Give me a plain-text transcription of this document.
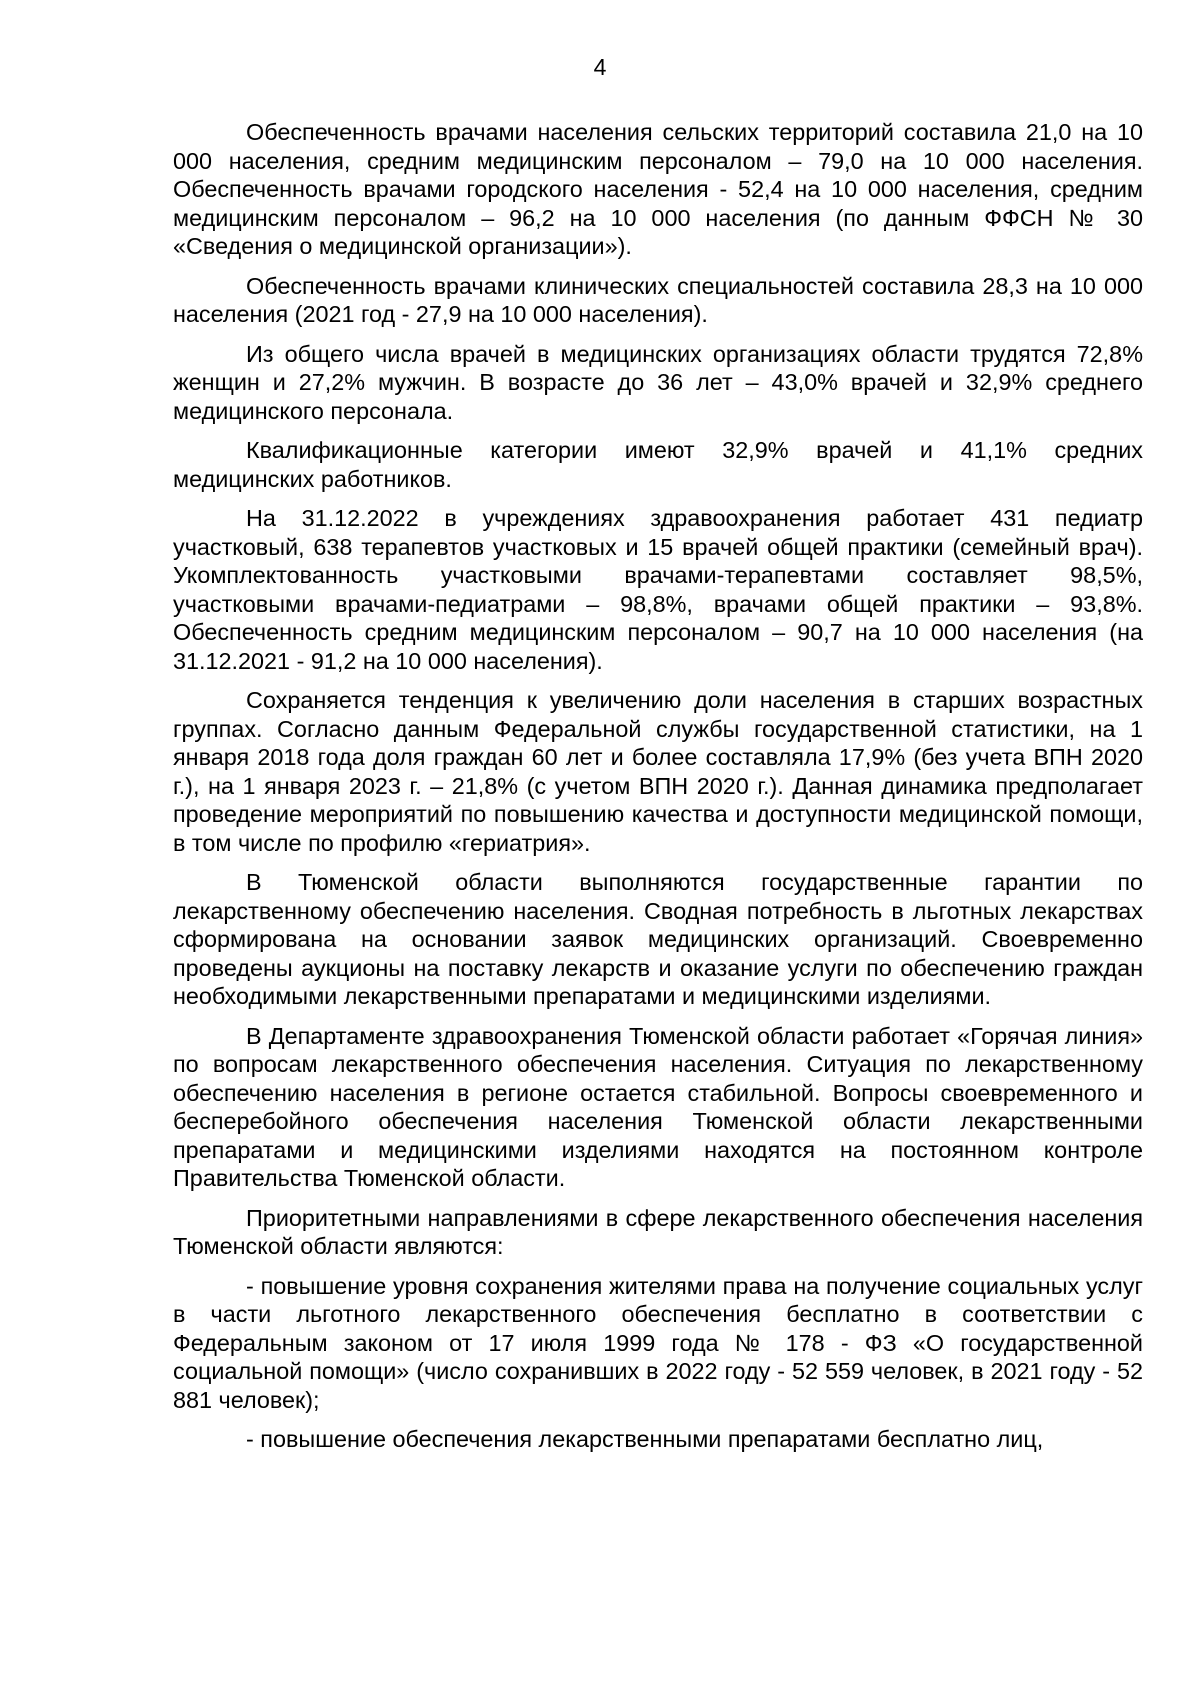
4

Обеспеченность врачами населения сельских территорий составила 21,0 на 10 000 населения, средним медицинским персоналом – 79,0 на 10 000 населения. Обеспеченность врачами городского населения - 52,4 на 10 000 населения, средним медицинским персоналом – 96,2 на 10 000 населения (по данным ФФСН № 30 «Сведения о медицинской организации»).

Обеспеченность врачами клинических специальностей составила 28,3 на 10 000 населения (2021 год - 27,9 на 10 000 населения).

Из общего числа врачей в медицинских организациях области трудятся 72,8% женщин и 27,2% мужчин. В возрасте до 36 лет – 43,0% врачей и 32,9% среднего медицинского персонала.

Квалификационные категории имеют 32,9% врачей и 41,1% средних медицинских работников.

На 31.12.2022 в учреждениях здравоохранения работает 431 педиатр участковый, 638 терапевтов участковых и 15 врачей общей практики (семейный врач). Укомплектованность участковыми врачами-терапевтами составляет 98,5%, участковыми врачами-педиатрами – 98,8%, врачами общей практики – 93,8%. Обеспеченность средним медицинским персоналом – 90,7 на 10 000 населения (на 31.12.2021 - 91,2 на 10 000 населения).

Сохраняется тенденция к увеличению доли населения в старших возрастных группах. Согласно данным Федеральной службы государственной статистики, на 1 января 2018 года доля граждан 60 лет и более составляла 17,9% (без учета ВПН 2020 г.), на 1 января 2023 г. – 21,8% (с учетом ВПН 2020 г.). Данная динамика предполагает проведение мероприятий по повышению качества и доступности медицинской помощи, в том числе по профилю «гериатрия».

В Тюменской области выполняются государственные гарантии по лекарственному обеспечению населения. Сводная потребность в льготных лекарствах сформирована на основании заявок медицинских организаций. Своевременно проведены аукционы на поставку лекарств и оказание услуги по обеспечению граждан необходимыми лекарственными препаратами и медицинскими изделиями.

В Департаменте здравоохранения Тюменской области работает «Горячая линия» по вопросам лекарственного обеспечения населения. Ситуация по лекарственному обеспечению населения в регионе остается стабильной. Вопросы своевременного и бесперебойного обеспечения населения Тюменской области лекарственными препаратами и медицинскими изделиями находятся на постоянном контроле Правительства Тюменской области.

Приоритетными направлениями в сфере лекарственного обеспечения населения Тюменской области являются:

- повышение уровня сохранения жителями права на получение социальных услуг в части льготного лекарственного обеспечения бесплатно в соответствии с Федеральным законом от 17 июля 1999 года № 178 - ФЗ «О государственной социальной помощи» (число сохранивших в 2022 году - 52 559 человек, в 2021 году - 52 881 человек);

- повышение обеспечения лекарственными препаратами бесплатно лиц,
